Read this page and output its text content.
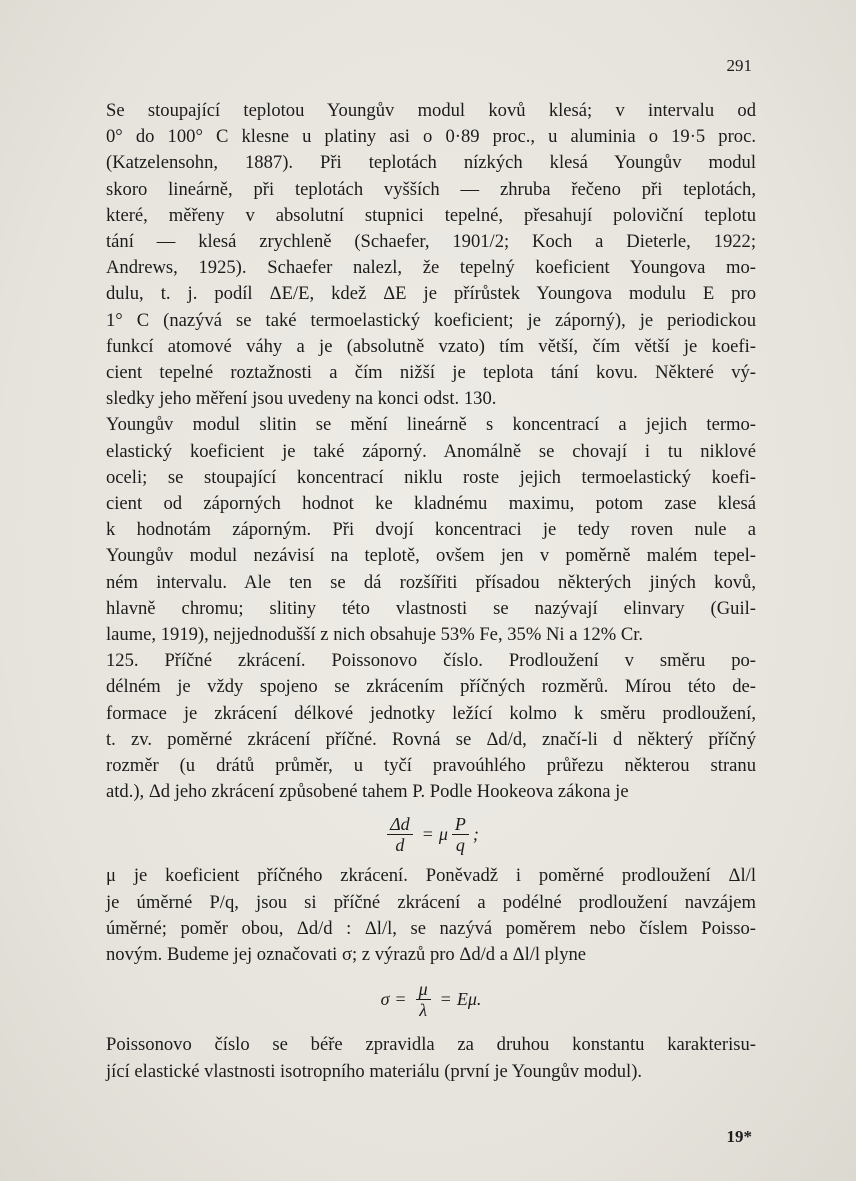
291
Se stoupající teplotou Youngův modul kovů klesá; v intervalu od
0° do 100° C klesne u platiny asi o 0·89 proc., u aluminia o 19·5 proc.
(Katzelensohn, 1887). Při teplotách nízkých klesá Youngův modul
skoro lineárně, při teplotách vyšších — zhruba řečeno při teplotách,
které, měřeny v absolutní stupnici tepelné, přesahují poloviční teplotu
tání — klesá zrychleně (Schaefer, 1901/2; Koch a Dieterle, 1922;
Andrews, 1925). Schaefer nalezl, že tepelný koeficient Youngova mo-
dulu, t. j. podíl ΔE/E, kdež ΔE je přírůstek Youngova modulu E pro
1° C (nazývá se také termoelastický koeficient; je záporný), je periodickou
funkcí atomové váhy a je (absolutně vzato) tím větší, čím větší je koefi-
cient tepelné roztažnosti a čím nižší je teplota tání kovu. Některé vý-
sledky jeho měření jsou uvedeny na konci odst. 130.
Youngův modul slitin se mění lineárně s koncentrací a jejich termo-
elastický koeficient je také záporný. Anomálně se chovají i tu niklové
oceli; se stoupající koncentrací niklu roste jejich termoelastický koefi-
cient od záporných hodnot ke kladnému maximu, potom zase klesá
k hodnotám záporným. Při dvojí koncentraci je tedy roven nule a
Youngův modul nezávisí na teplotě, ovšem jen v poměrně malém tepel-
ném intervalu. Ale ten se dá rozšířiti přísadou některých jiných kovů,
hlavně chromu; slitiny této vlastnosti se nazývají elinvary (Guil-
laume, 1919), nejjednodušší z nich obsahuje 53% Fe, 35% Ni a 12% Cr.
125. Příčné zkrácení. Poissonovo číslo. Prodloužení v směru po-
délném je vždy spojeno se zkrácením příčných rozměrů. Mírou této de-
formace je zkrácení délkové jednotky ležící kolmo k směru prodloužení,
t. zv. poměrné zkrácení příčné. Rovná se Δd/d, značí-li d některý příčný
rozměr (u drátů průměr, u tyčí pravoúhlého průřezu některou stranu
atd.), Δd jeho zkrácení způsobené tahem P. Podle Hookeova zákona je
$\frac{\Delta d}{d} = \mu \frac{P}{q}$ ;
μ je koeficient příčného zkrácení. Poněvadž i poměrné prodloužení Δl/l
je úměrné P/q, jsou si příčné zkrácení a podélné prodloužení navzájem
úměrné; poměr obou, Δd/d : Δl/l, se nazývá poměrem nebo číslem Poisso-
novým. Budeme jej označovati σ; z výrazů pro Δd/d a Δl/l plyne
$\sigma = \frac{\mu}{\lambda} = E\mu$.
Poissonovo číslo se béře zpravidla za druhou konstantu karakterisu-
jící elastické vlastnosti isotropního materiálu (první je Youngův modul).
19*
